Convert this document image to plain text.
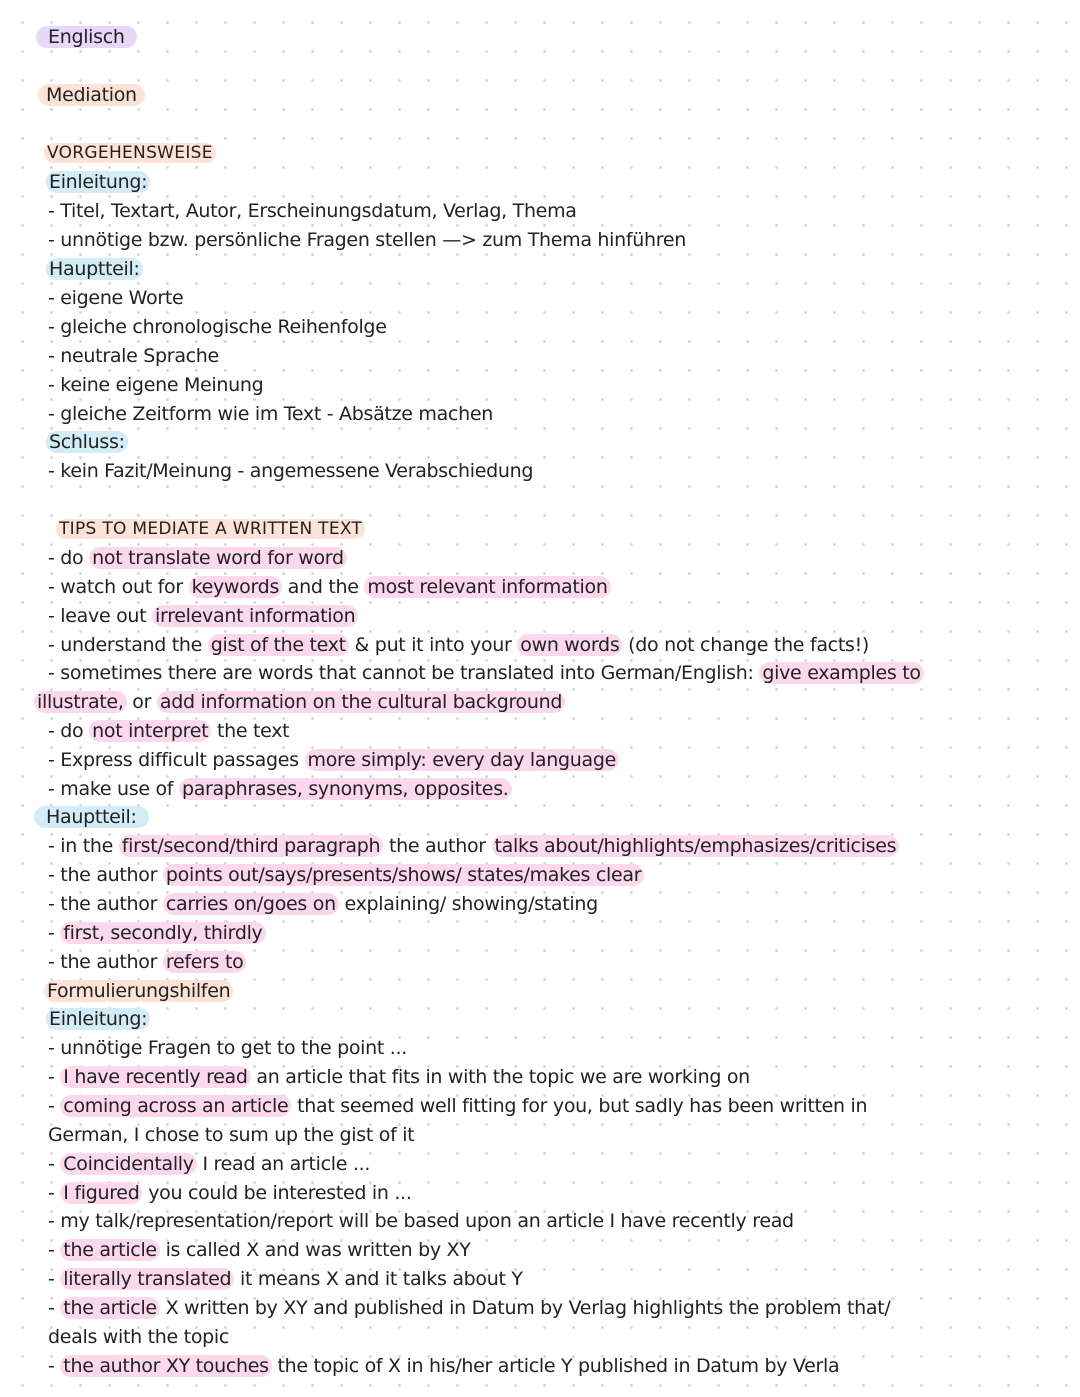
Englisch
Mediation
VORGEHENSWEISE
Einleitung:
- Titel, Textart, Autor, Erscheinungsdatum, Verlag, Thema
- unnötige bzw. persönliche Fragen stellen —> zum Thema hinführen
Hauptteil:
- eigene Worte
- gleiche chronologische Reihenfolge
- neutrale Sprache
- keine eigene Meinung
- gleiche Zeitform wie im Text - Absätze machen
Schluss:
- kein Fazit/Meinung - angemessene Verabschiedung
TIPS TO MEDIATE A WRITTEN TEXT
- do not translate word for word
- watch out for keywords and the most relevant information
- leave out irrelevant information
- understand the gist of the text & put it into your own words (do not change the facts!)
- sometimes there are words that cannot be translated into German/English: give examples to
illustrate, or add information on the cultural background
- do not interpret the text
- Express difficult passages more simply: every day language
- make use of paraphrases, synonyms, opposites.
Hauptteil:
- in the first/second/third paragraph the author talks about/highlights/emphasizes/criticises
- the author points out/says/presents/shows/ states/makes clear
- the author carries on/goes on explaining/ showing/stating
- first, secondly, thirdly
- the author refers to
Formulierungshilfen
Einleitung:
- unnötige Fragen to get to the point ...
- I have recently read an article that fits in with the topic we are working on
- coming across an article that seemed well fitting for you, but sadly has been written in
German, I chose to sum up the gist of it
- Coincidentally I read an article ...
- I figured you could be interested in ...
- my talk/representation/report will be based upon an article I have recently read
- the article is called X and was written by XY
- literally translated it means X and it talks about Y
- the article X written by XY and published in Datum by Verlag highlights the problem that/
deals with the topic
- the author XY touches the topic of X in his/her article Y published in Datum by Verla
